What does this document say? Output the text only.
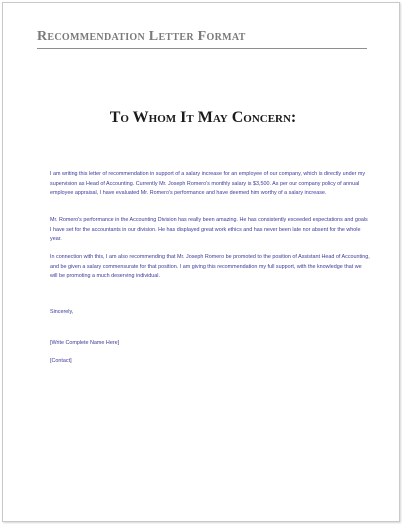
Recommendation Letter Format
To Whom It May Concern:

I am writing this letter of recommendation in support of a salary increase for an employee of our company, which is directly under my supervision as Head of Accounting. Currently Mr. Joseph Romero's monthly salary is $3,500. As per our company policy of annual employee appraisal, I have evaluated Mr. Romero's performance and have deemed him worthy of a salary increase.

Mr. Romero's performance in the Accounting Division has really been amazing. He has consistently exceeded expectations and goals I have set for the accountants in our division. He has displayed great work ethics and has never been late nor absent for the whole year.

In connection with this, I am also recommending that Mr. Joseph Romero be promoted to the position of Assistant Head of Accounting, and be given a salary commensurate for that position. I am giving this recommendation my full support, with the knowledge that we will be promoting a much deserving individual.

Sincerely,
[Write Complete Name Here]
[Contact]
